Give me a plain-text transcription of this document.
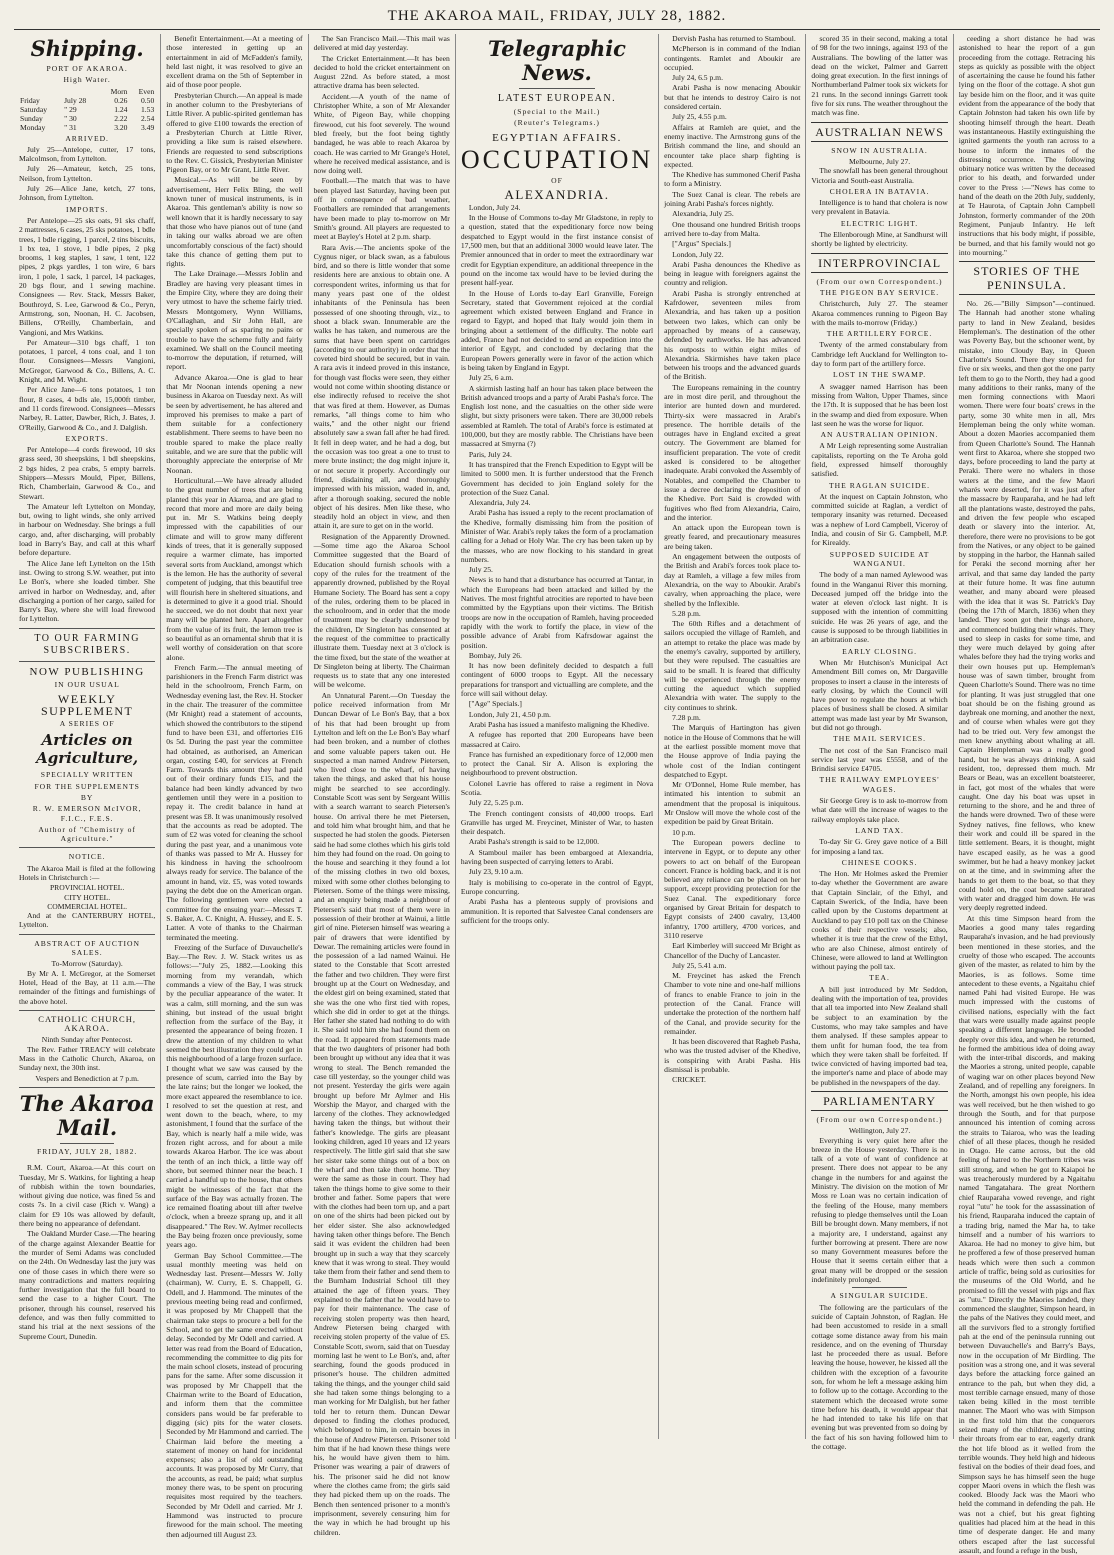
THE AKAROA MAIL, FRIDAY, JULY 28, 1882.
Shipping.
PORT OF AKAROA.
High Water.
		Morn	Even
Friday	July 28	0.26	0.50
Saturday	" 29	1.24	1.53
Sunday	" 30	2.22	2.54
Monday	" 31	3.20	3.49
ARRIVED.

July 25—Antelope, cutter, 17 tons, Malcolmson, from Lyttelton.

July 26—Amateur, ketch, 25 tons, Neilson, from Lyttelton.

July 26—Alice Jane, ketch, 27 tons, Johnson, from Lyttelton.

IMPORTS.

Per Antelope—25 sks oats, 91 sks chaff, 2 mattresses, 6 cases, 25 sks potatoes, 1 bdle trees, 1 bdle rigging, 1 parcel, 2 tins biscuits, 1 bx tea, 1 stove, 1 bdle pipes, 2 pkg brooms, 1 keg staples, 1 saw, 1 tent, 122 pipes, 2 pkgs yardles, 1 ton wire, 6 bars iron, 1 pole, 1 sack, 1 parcel, 14 packages, 20 bgs flour, and 1 sewing machine. Consignees — Rev. Stack, Messrs Baker, Bouthroyd, S. Lee, Garwood & Co., Peryn, Armstrong, son, Noonan, H. C. Jacobsen, Billens, O'Reilly, Chamberlain, and Vangioni, and Mrs Watkins.

Per Amateur—310 bgs chaff, 1 ton potatoes, 1 parcel, 4 tons coal, and 1 ton flour. Consignees—Messrs Vangioni, McGregor, Garwood & Co., Billens, A. C. Knight, and M. Wight.

Per Alice Jane—6 tons potatoes, 1 ton flour, 8 cases, 4 bdls ale, 15,000ft timber, and 11 cords firewood. Consignees—Messrs Narbey, R. Latter, Dawber, Rich, J. Bates, J. O'Reilly, Garwood & Co., and J. Dalglish.

EXPORTS.

Per Antelope—4 cords firewood, 10 sks grass seed, 30 sheepskins, 1 bdl sheepskins, 2 bgs hides, 2 pea crabs, 5 empty barrels. Shippers—Messrs Mould, Piper, Billens, Rich, Chamberlain, Garwood & Co., and Stewart.

The Amateur left Lyttelton on Monday, but, owing to light winds, she only arrived in harbour on Wednesday. She brings a full cargo, and, after discharging, will probably load in Barry's Bay, and call at this wharf before departure.

The Alice Jane left Lyttelton on the 15th inst. Owing to strong S.W. weather, put into Le Bon's, where she loaded timber. She arrived in harbor on Wednesday, and, after discharging a portion of her cargo, sailed for Barry's Bay, where she will load firewood for Lyttelton.

TO OUR FARMING SUBSCRIBERS.
NOW PUBLISHING
IN OUR USUAL
WEEKLY SUPPLEMENT
A SERIES OF
Articles on Agriculture,
SPECIALLY WRITTEN
FOR THE SUPPLEMENTS
BY
R. W. EMERSON McIVOR, F.I.C., F.E.S.
Author of "Chemistry of Agriculture."
NOTICE.

The Akaroa Mail is filed at the following Hotels in Christchurch :—

PROVINCIAL HOTEL.
CITY HOTEL.
COMMERCIAL HOTEL.

And at the CANTERBURY HOTEL, Lyttelton.

ABSTRACT OF AUCTION SALES.
To-Morrow (Saturday).

By Mr A. I. McGregor, at the Somerset Hotel, Head of the Bay, at 11 a.m.—The remainder of the fittings and furnishings of the above hotel.

CATHOLIC CHURCH, AKAROA.
Ninth Sunday after Pentecost.

The Rev. Father TREACY will celebrate Mass in the Catholic Church, Akaroa, on Sunday next, the 30th inst.

Vespers and Benediction at 7 p.m.
The Akaroa Mail.
FRIDAY, JULY 28, 1882.

R.M. Court, Akaroa.—At this court on Tuesday, Mr S. Watkins, for lighting a heap of rubbish within the town boundaries, without giving due notice, was fined 5s and costs 7s. In a civil case (Rich v. Wang) a claim for £9 10s was allowed by default, there being no appearance of defendant.

The Oakland Murder Case.—The hearing of the charge against Alexander Beattie for the murder of Semi Adams was concluded on the 24th. On Wednesday last the jury was one of those cases in which there were so many contradictions and matters requiring further investigation that the full board to send the case to a higher Court. The prisoner, through his counsel, reserved his defence, and was then fully committed to stand his trial at the next sessions of the Supreme Court, Dunedin.

Benefit Entertainment.—At a meeting of those interested in getting up an entertainment in aid of McFadden's family, held last night, it was resolved to give an excellent drama on the 5th of September in aid of those poor people.

Presbyterian Church.—An appeal is made in another column to the Presbyterians of Little River. A public-spirited gentleman has offered to give £100 towards the erection of a Presbyterian Church at Little River, providing a like sum is raised elsewhere. Friends are requested to send subscriptions to the Rev. C. Gissick, Presbyterian Minister Pigeon Bay, or to Mr Grant, Little River.

Musical.—As will be seen by advertisement, Herr Felix Bling, the well known tuner of musical instruments, is in Akaroa. This gentleman's ability is now so well known that it is hardly necessary to say that those who have pianos out of tune (and in taking our walks abroad we are often uncomfortably conscious of the fact) should take this chance of getting them put to rights.

The Lake Drainage.—Messrs Joblin and Bradley are having very pleasant times in the Empire City, where they are doing their very utmost to have the scheme fairly tried. Messrs Montgomery, Wynn Williams, O'Callaghan, and Sir John Hall, are specially spoken of as sparing no pains or trouble to have the scheme fully and fairly examined. We shall on the Council meeting to-morrow the deputation, if returned, will report.

Advance Akaroa.—One is glad to hear that Mr Noonan intends opening a new business in Akaroa on Tuesday next. As will be seen by advertisement, he has altered and improved his premises to make a part of them suitable for a confectionery establishment. There seems to have been no trouble spared to make the place really suitable, and we are sure that the public will thoroughly appreciate the enterprise of Mr Noonan.

Horticultural.—We have already alluded to the great number of trees that are being planted this year in Akaroa, and are glad to record that more and more are daily being put in. Mr S. Watkins being deeply impressed with the capabilities of our climate and will to grow many different kinds of trees, that it is generally supposed require a warmer climate, has imported several sorts from Auckland, amongst which is the lemon. He has the authority of several competent of judging, that this beautiful tree will flourish here in sheltered situations, and is determined to give it a good trial. Should he succeed, we do not doubt that next year many will be planted here. Apart altogether from the value of its fruit, the lemon tree is so beautiful as an ornamental shrub that it is well worthy of consideration on that score alone.

French Farm.—The annual meeting of parishioners in the French Farm district was held in the schoolroom, French Farm, on Wednesday evening last, the Rev. H. Stocker in the chair. The treasurer of the committee (Mr Knight) read a statement of accounts, which showed the contributors to the stipend fund to have been £31, and offertories £16 0s 5d. During the past year the committee had obtained, as authorised, an American organ, costing £40, for services at French Farm. Towards this amount they had paid out of their ordinary funds £15, and the balance had been kindly advanced by two gentlemen until they were in a position to repay it. The credit balance in hand at present was £8. It was unanimously resolved that the accounts as read be adopted. The sum of £2 was voted for cleaning the school during the past year, and a unanimous vote of thanks was passed to Mr A. Hussey for his kindness in having the schoolroom always ready for service. The balance of the amount in hand, viz. £5, was voted towards paying the debt due on the American organ. The following gentlemen were elected a committee for the ensuing year:—Messrs T. S. Baker, A. C. Knight, A. Hussey, and E. S. Latter. A vote of thanks to the Chairman terminated the meeting.

Freezing of the Surface of Duvauchelle's Bay.—The Rev. J. W. Stack writes us as follows:—"July 25, 1882.—Looking this morning from my verandah, which commands a view of the Bay, I was struck by the peculiar appearance of the water. It was a calm, still morning, and the sun was shining, but instead of the usual bright reflection from the surface of the Bay, it presented the appearance of being frozen. I drew the attention of my children to what seemed the best illustration they could get in this neighbourhood of a large frozen surface. I thought what we saw was caused by the presence of scum, carried into the Bay by the late rains; but the longer we looked, the more exact appeared the resemblance to ice. I resolved to set the question at rest, and went down to the beach, where, to my astonishment, I found that the surface of the Bay, which is nearly half a mile wide, was frozen right across, and for about a mile towards Akaroa Harbor. The ice was about the tenth of an inch thick, a little way off shore, but seemed thinner near the beach. I carried a handful up to the house, that others might be witnesses of the fact that the surface of the Bay was actually frozen. The ice remained floating about till after twelve o'clock, when a breeze sprang up, and it all disappeared." The Rev. W. Aylmer recollects the Bay being frozen once previously, some years ago.

German Bay School Committee.—The usual monthly meeting was held on Wednesday last. Present—Messrs W. Jolly (chairman), W. Curry, E. S. Chappell, G. Odell, and J. Hammond. The minutes of the previous meeting being read and confirmed, it was proposed by Mr Chappell that the chairman take steps to procure a bell for the School, and to get the same erected without delay. Seconded by Mr Odell and carried. A letter was read from the Board of Education, recommending the committee to dig pits for the main school closets, instead of procuring pans for the same. After some discussion it was proposed by Mr Chappell that the Chairman write to the Board of Education, and inform them that the committee considers pans would be far preferable to digging (sic) pits for the water closets. Seconded by Mr Hammond and carried. The Chairman laid before the meeting a statement of money on hand for incidental expenses; also a list of old outstanding accounts. It was proposed by Mr Curry, that the accounts, as read, be paid; what surplus money there was, to be spent on procuring requisites most required by the teachers. Seconded by Mr Odell and carried. Mr J. Hammond was instructed to procure firewood for the main school. The meeting then adjourned till August 23.

The San Francisco Mail.—This mail was delivered at mid day yesterday.

The Cricket Entertainment.—It has been decided to hold the cricket entertainment on August 22nd. As before stated, a most attractive drama has been selected.

Accident.—A youth of the name of Christopher White, a son of Mr Alexander White, of Pigeon Bay, while chopping firewood, cut his foot severely. The wound bled freely, but the foot being tightly bandaged, he was able to reach Akaroa by coach. He was carried to Mr Grange's Hotel, where he received medical assistance, and is now doing well.

Football.—The match that was to have been played last Saturday, having been put off in consequence of bad weather, Footballers are reminded that arrangements have been made to play to-morrow on Mr Smith's ground. All players are requested to meet at Bayley's Hotel at 2 p.m. sharp.

Rara Avis.—The ancients spoke of the Cygnus niger, or black swan, as a fabulous bird, and so there is little wonder that some residents here are anxious to obtain one. A correspondent writes, informing us that for many years past one of the oldest inhabitants of the Peninsula has been possessed of one shooting through, viz., to shoot a black swan. Innumerable are the walks he has taken, and numerous are the sums that have been spent on cartridges (according to our authority) in order that the coveted bird should be secured, but in vain. A rara avis it indeed proved in this instance, for though vast flocks were seen, they either would not come within shooting distance or else indirectly refused to receive the shot that was fired at them. However, as Dumas remarks, "all things come to him who waits," and the other night our friend absolutely saw a swan fall after he had fired. It fell in deep water, and he had a dog, but the occasion was too great a one to trust to mere brute instinct; the dog might injure it, or not secure it properly. Accordingly our friend, disdaining all, and thoroughly impressed with his mission, waded in, and, after a thorough soaking, secured the noble object of his desires. Men like these, who steadily hold an object in view, and then attain it, are sure to get on in the world.

Resignation of the Apparently Drowned.—Some time ago the Akaroa School Committee suggested that the Board of Education should furnish schools with a copy of the rules for the treatment of the apparently drowned, published by the Royal Humane Society. The Board has sent a copy of the rules, ordering them to be placed in the schoolroom, and in order that the mode of treatment may be clearly understood by the children, Dr Singleton has consented at the request of the committee to practically illustrate them. Tuesday next at 3 o'clock is the time fixed, but the state of the weather at Dr Singleton being at liberty. The Chairman requests us to state that any one interested will be welcome.

An Unnatural Parent.—On Tuesday the police received information from Mr Duncan Dewar of Le Bon's Bay, that a box of his that had been brought up from Lyttelton and left on the Le Bon's Bay wharf had been broken, and a number of clothes and some valuable papers taken out. He suspected a man named Andrew Pietersen, who lived close to the wharf, of having taken the things, and asked that his house might be searched to see accordingly. Constable Scott was sent by Sergeant Willis with a search warrant to search Pietersen's house. On arrival there he met Pietersen, and told him what brought him, and that he suspected he had stolen the goods. Pietersen said he had some clothes which his girls told him they had found on the road. On going to the house and searching it they found a lot of the missing clothes in two old boxes, mixed with some other clothes belonging to Pietersen. Some of the things were missing, and an enquiry being made a neighbour of Pietersen's said that most of them were in possession of their brother at Wainui, a little girl of nine. Pietersen himself was wearing a pair of drawers that were identified by Dewar. The remaining articles were found in the possession of a lad named Wainui. He stated to the Constable that Scott arrested the father and two children. They were first brought up at the Court on Wednesday, and the eldest girl on being examined, stated that she was the one who first tied with ropes, which she did in order to get at the things. Her father she stated had nothing to do with it. She said told him she had found them on the road. It appeared from statements made that the two daughters of prisoner had both been brought up without any idea that it was wrong to steal. The Bench remanded the case till yesterday, so the younger child was not present. Yesterday the girls were again brought up before Mr Aylmer and His Worship the Mayor, and charged with the larceny of the clothes. They acknowledged having taken the things, but without their father's knowledge. The girls are pleasant looking children, aged 10 years and 12 years respectively. The little girl said that she saw her sister take some things out of a box on the wharf and then take them home. They were the same as those in court. They had taken the things home to give some to their brother and father. Some papers that were with the clothes had been torn up, and a part on one of the shirts had been picked out by her elder sister. She also acknowledged having taken other things before. The Bench said it was evident the children had been brought up in such a way that they scarcely knew that it was wrong to steal. They would take them from their father and send them to the Burnham Industrial School till they attained the age of fifteen years. They explained to the father that he would have to pay for their maintenance. The case of receiving stolen property was then heard, Andrew Pietersen being charged with receiving stolen property of the value of £5. Constable Scott, sworn, said that on Tuesday morning last he went to Le Bon's, and, after searching, found the goods produced in prisoner's house. The children admitted taking the things, and the younger child said she had taken some things belonging to a man working for Mr Dalglish, but her father told her to return them. Duncan Dewar deposed to finding the clothes produced, which belonged to him, in certain boxes in the house of Andrew Pietersen. Prisoner told him that if he had known these things were his, he would have given them to him. Prisoner was wearing a pair of drawers of his. The prisoner said he did not know where the clothes came from; the girls said they had picked them up on the roads. The Bench then sentenced prisoner to a month's imprisonment, severely censuring him for the way in which he had brought up his children.

Telegraphic News.
LATEST EUROPEAN.
(Special to the Mail.)
(Reuter's Telegrams.)
EGYPTIAN AFFAIRS.
OCCUPATION
OF
ALEXANDRIA.

London, July 24.

In the House of Commons to-day Mr Gladstone, in reply to a question, stated that the expeditionary force now being despatched to Egypt would in the first instance consist of 17,500 men, but that an additional 3000 would leave later. The Premier announced that in order to meet the extraordinary war credit for Egyptian expenditure, an additional threepence in the pound on the income tax would have to be levied during the present half-year.

In the House of Lords to-day Earl Granville, Foreign Secretary, stated that Government rejoiced at the cordial agreement which existed between England and France in regard to Egypt, and hoped that Italy would join them in bringing about a settlement of the difficulty. The noble earl added, France had not decided to send an expedition into the interior of Egypt, and concluded by declaring that the European Powers generally were in favor of the action which is being taken by England in Egypt.

July 25, 6 a.m.

A skirmish lasting half an hour has taken place between the British advanced troops and a party of Arabi Pasha's force. The English lost none, and the casualties on the other side were slight, but sixty prisoners were taken. There are 30,000 rebels assembled at Ramleh. The total of Arabi's force is estimated at 100,000, but they are mostly rabble. The Christians have been massacred at Smyrna (?)

Paris, July 24.

It has transpired that the French Expedition to Egypt will be limited to 5000 men. It is further understood that the French Government has decided to join England solely for the protection of the Suez Canal.

Alexandria, July 24.

Arabi Pasha has issued a reply to the recent proclamation of the Khedive, formally dismissing him from the position of Minister of War. Arabi's reply takes the form of a proclamation calling for a Jehad or Holy War. The cry has been taken up by the masses, who are now flocking to his standard in great numbers.

July 25.

News is to hand that a disturbance has occurred at Tantar, in which the Europeans had been attacked and killed by the Natives. The most frightful atrocities are reported to have been committed by the Egyptians upon their victims. The British troops are now in the occupation of Ramleh, having proceeded rapidly with the work to fortify the place, in view of the possible advance of Arabi from Kafrsdowar against the position.

Bombay, July 26.

It has now been definitely decided to despatch a full contingent of 6000 troops to Egypt. All the necessary preparations for transport and victualling are complete, and the force will sail without delay.

["Age" Specials.]

London, July 21, 4.50 p.m.

Arabi Pasha has issued a manifesto maligning the Khedive.

A refugee has reported that 200 Europeans have been massacred at Cairo.

France has furnished an expeditionary force of 12,000 men to protect the Canal. Sir A. Alison is exploring the neighbourhood to prevent obstruction.

Colonel Lavrie has offered to raise a regiment in Nova Scotia.

July 22, 5.25 p.m.

The French contingent consists of 40,000 troops. Earl Granville has urged M. Freycinet, Minister of War, to hasten their despatch.

Arabi Pasha's strength is said to be 12,000.

A Stamboul mailer has been embargoed at Alexandria, having been suspected of carrying letters to Arabi.

July 23, 9.10 a.m.

Italy is mobilising to co-operate in the control of Egypt, Europe concurring.

Arabi Pasha has a plenteous supply of provisions and ammunition. It is reported that Salvestee Canal condensers are sufficient for the troops only.

Dervish Pasha has returned to Stamboul.

McPherson is in command of the Indian contingents. Ramlet and Aboukir are occupied.

July 24, 6.5 p.m.

Arabi Pasha is now menacing Aboukir but that he intends to destroy Cairo is not considered certain.

July 25, 4.55 p.m.

Affairs at Ramleh are quiet, and the enemy inactive. The Armstrong guns of the British command the line, and should an encounter take place sharp fighting is expected.

The Khedive has summoned Cherif Pasha to form a Ministry.

The Suez Canal is clear. The rebels are joining Arabi Pasha's forces nightly.

Alexandria, July 25.

One thousand one hundred British troops arrived here to-day from Malta.

["Argus" Specials.]

London, July 22.

Arabi Pasha denounces the Khedive as being in league with foreigners against the country and religion.

Arabi Pasha is strongly entrenched at Kafrdower, seventeen miles from Alexandria, and has taken up a position between two lakes, which can only be approached by means of a causeway, defended by earthworks. He has advanced his outposts to within eight miles of Alexandria. Skirmishes have taken place between his troops and the advanced guards of the British.

The Europeans remaining in the country are in most dire peril, and throughout the interior are hunted down and murdered. Thirty-six were massacred in Arabi's presence. The horrible details of the outrages have in England excited a great outcry. The Government are blamed for insufficient preparation. The vote of credit asked is considered to be altogether inadequate. Arabi convoked the Assembly of Notables, and compelled the Chamber to issue a decree declaring the deposition of the Khedive. Port Said is crowded with fugitives who fled from Alexandria, Cairo, and the interior.

An attack upon the European town is greatly feared, and precautionary measures are being taken.

An engagement between the outposts of the British and Arabi's forces took place to-day at Ramleh, a village a few miles from Alexandria, on the way to Aboukir. Arabi's cavalry, when approaching the place, were shelled by the Inflexible.

5.28 p.m.

The 60th Rifles and a detachment of sailors occupied the village of Ramleh, and an attempt to retake the place was made by the enemy's cavalry, supported by artillery, but they were repulsed. The casualties are said to be small. It is feared that difficulty will be experienced through the enemy cutting the aqueduct which supplied Alexandria with water. The supply to the city continues to shrink.

7.28 p.m.

The Marquis of Hartington has given notice in the House of Commons that he will at the earliest possible moment move that the House approve of India paying the whole cost of the Indian contingent despatched to Egypt.

Mr O'Donnel, Home Rule member, has intimated his intention to submit an amendment that the proposal is iniquitous. Mr Onslow will move the whole cost of the expedition be paid by Great Britain.

10 p.m.

The European powers decline to intervene in Egypt, or to depute any other powers to act on behalf of the European concert. France is holding back, and it is not believed any reliance can be placed on her support, except providing protection for the Suez Canal. The expeditionary force organised by Great Britain for despatch to Egypt consists of 2400 cavalry, 13,400 infantry, 1700 artillery, 4700 vorices, and 3110 reserve

Earl Kimberley will succeed Mr Bright as Chancellor of the Duchy of Lancaster.

July 25, 5.41 a.m.

M. Freycinet has asked the French Chamber to vote nine and one-half millions of francs to enable France to join in the protection of the Canal. France will undertake the protection of the northern half of the Canal, and provide security for the remainder.

It has been discovered that Ragheb Pasha, who was the trusted adviser of the Khedive, is conspiring with Arabi Pasha. His dismissal is probable.

CRICKET.

scored 35 in their second, making a total of 98 for the two innings, against 193 of the Australians. The bowling of the latter was dead on the wicket, Palmer and Garrett doing great execution. In the first innings of Northumberland Palmer took six wickets for 21 runs. In the second innings Garrett took five for six runs. The weather throughout the match was fine.

AUSTRALIAN NEWS
SNOW IN AUSTRALIA.
Melbourne, July 27.

The snowfall has been general throughout Victoria and South-east Australia.

CHOLERA IN BATAVIA.

Intelligence is to hand that cholera is now very prevalent in Batavia.

ELECTRIC LIGHT.

The Ellenborough Mine, at Sandhurst will shortly be lighted by electricity.

INTERPROVINCIAL
(From our own Correspondent.)
THE PIGEON BAY SERVICE.

Christchurch, July 27. The steamer Akaroa commences running to Pigeon Bay with the mails to-morrow (Friday.)

THE ARTILLERY FORCE.

Twenty of the armed constabulary from Cambridge left Auckland for Wellington to-day to form part of the artillery force.

LOST IN THE SWAMP.

A swagger named Harrison has been missing from Walton, Upper Thames, since the 17th. It is supposed that he has been lost in the swamp and died from exposure. When last seen he was the worse for liquor.

AN AUSTRALIAN OPINION.

A Mr Leigh representing some Australian capitalists, reporting on the Te Aroha gold field, expressed himself thoroughly satisfied.

THE RAGLAN SUICIDE.

At the inquest on Captain Johnston, who committed suicide at Raglan, a verdict of temporary insanity was returned. Deceased was a nephew of Lord Campbell, Viceroy of India, and cousin of Sir G. Campbell, M.P. for Kirealdy.

SUPPOSED SUICIDE AT WANGANUI.

The body of a man named Aylewood was found in the Wanganui River this morning. Deceased jumped off the bridge into the water at eleven o'clock last night. It is supposed with the intention of committing suicide. He was 26 years of age, and the cause is supposed to be through liabilities in an arbitration case.

EARLY CLOSING.

When Mr Hutchison's Municipal Act Amendment Bill comes on, Mr Dargaville proposes to insert a clause in the interests of early closing, by which the Council will have power to regulate the hours at which places of business shall be closed. A similar attempt was made last year by Mr Swanson, but did not go through.

THE MAIL SERVICES.

The net cost of the San Francisco mail service last year was £5558, and of the Brindisi service £4705.

THE RAILWAY EMPLOYEES' WAGES.

Sir George Grey is to ask to-morrow from what date will the increase of wages to the railway employés take place.

LAND TAX.

To-day Sir G. Grey gave notice of a Bill for imposing a land tax.

CHINESE COOKS.

The Hon. Mr Holmes asked the Premier to-day whether the Government are aware that Captain Sinclair, of the Ethyl, and Captain Swerick, of the India, have been called upon by the Customs department at Auckland to pay £10 poll tax on the Chinese cooks of their respective vessels; also, whether it is true that the crew of the Ethyl, who are also Chinese, almost entirely of Chinese, were allowed to land at Wellington without paying the poll tax.

TEA.

A bill just introduced by Mr Seddon, dealing with the importation of tea, provides that all tea imported into New Zealand shall be subject to an examination by the Customs, who may take samples and have them analysed. If these samples appear to them unfit for human food, the tea from which they were taken shall be forfeited. If twice convicted of having imported bad tea, the importer's name and place of abode may be published in the newspapers of the day.

PARLIAMENTARY
(From our own Correspondent.)
Wellington, July 27.

Everything is very quiet here after the breeze in the House yesterday. There is no talk of a vote of want of confidence at present. There does not appear to be any change in the numbers for and against the Ministry. The division on the motion of Mr Moss re Loan was no certain indication of the feeling of the House, many members refusing to pledge themselves until the Loan Bill be brought down. Many members, if not a majority are, I understand, against any further borrowing at present. There are now so many Government measures before the House that it seems certain either that a great many will be dropped or the session indefinitely prolonged.

A SINGULAR SUICIDE.

The following are the particulars of the suicide of Captain Johnston, of Raglan. He had been accustomed to reside in a small cottage some distance away from his main residence, and on the evening of Thursday last he proceeded there as usual. Before leaving the house, however, he kissed all the children with the exception of a favourite son, for whom he left a message asking him to follow up to the cottage. According to the statement which the deceased wrote some time before his death, it would appear that he had intended to take his life on that evening but was prevented from so doing by the fact of his son having followed him to the cottage.

ceeding a short distance he had was astonished to hear the report of a gun proceeding from the cottage. Retracing his steps as quickly as possible with the object of ascertaining the cause he found his father lying on the floor of the cottage. A shot gun lay beside him on the floor, and it was quite evident from the appearance of the body that Captain Johnston had taken his own life by shooting himself through the heart. Death was instantaneous. Hastily extinguishing the ignited garments the youth ran across to a house to inform the inmates of the distressing occurrence. The following obituary notice was written by the deceased prior to his death, and forwarded under cover to the Press :—"News has come to hand of the death on the 20th July, suddenly, at Te Haurota, of Captain John Campbell Johnston, formerly commander of the 20th Regiment, Punjaub Infantry. He left instructions that his body might, if possible, be burned, and that his family would not go into mourning."

STORIES OF THE PENINSULA.

No. 26.—"Billy Simpson"—continued. The Hannah had another stone whaling party to land in New Zealand, besides Hempleman's. The destination of the other was Poverty Bay, but the schooner went, by mistake, into Cloudy Bay, in Queen Charlotte's Sound. There they stopped for five or six weeks, and then got the one party left them to go to the North, they had a good many additions to their ranks, many of the men forming connections with Maori women. There were four boats' crews in the party, some 30 white men in all, Mrs Hempleman being the only white woman. About a dozen Maories accompanied them from Queen Charlotte's Sound. The Hannah went first to Akaroa, where she stopped two days, before proceeding to land the party at Peraki. There were no whalers in those waters at the time, and the few Maori wharés were deserted, for it was just after the massacre by Rauparaha, and he had left all the plantations waste, destroyed the pahs, and driven the few people who escaped death or slavery into the interior. At, therefore, there were no provisions to be got from the Natives, or any object to be gained by stopping in the harbor, the Hannah sailed for Peraki the second morning after her arrival, and that same day landed the party at their future home. It was fine autumn weather, and many aboard were pleased with the idea that it was St. Patrick's Day (being the 17th of March, 1836) when they landed. They soon got their things ashore, and commenced building their wharés. They used to sleep in casks for some time, and they were much delayed by going after whales before they had the trying works and their own houses put up. Hempleman's house was of sawn timber, brought from Queen Charlotte's Sound. There was no time for planting. It was just struggled that one boat should be on the fishing ground as daybreak one morning, and another the next, and of course when whales were got they had to be tried out. Very few amongst the men knew anything about whaling at all. Captain Hempleman was a really good hand, but he was always drinking. A said resident, too, depressed them much. Mr Bears or Beau, was an excellent boatsteerer, in fact, got most of the whales that were caught. One day his boat was upset in returning to the shore, and he and three of the hands were drowned. Two of these were Sydney natives, fine fellows, who knew their work and could ill be spared in the little settlement. Bears, it is thought, might have escaped easily, as he was a good swimmer, but he had a heavy monkey jacket on at the time, and in swimming after the hands to get them to the boat, so that they could hold on, the coat became saturated with water and dragged him down. He was very deeply regretted indeed.

At this time Simpson heard from the Maories a good many tales regarding Rauparaha's invasion, and he had previously been mentioned in these stories, and the cruelty of those who escaped. The accounts given of the master, as related to him by the Maories, is as follows. Some time antecedent to these events, a Ngaitahu chief named Pahi had visited Europe. He was much impressed with the customs of civilised nations, especially with the fact that wars were usually made against people speaking a different language. He brooded deeply over this idea, and when he returned, he formed the ambitious idea of doing away with the inter-tribal discords, and making the Maories a strong, united people, capable of waging war on other places beyond New Zealand, and of repelling any foreigners. In the North, amongst his own people, his idea was well received, but he then wished to go through the South, and for that purpose announced his intention of coming across the straits to Taiaroa, who was the leading chief of all these places, though he resided in Otago. He came across, but the old feeling of hatred to the Northern tribes was still strong, and when he got to Kaiapoi he was treacherously murdered by a Ngaitahu named Tangatahara. The great Northern chief Rauparaha vowed revenge, and right royal "utu" he took for the assassination of his friend, Rauparaha induced the captain of a trading brig, named the Mar ha, to take himself and a number of his warriors to Akaroa. He had no money to give him, but he proffered a few of those preserved human heads which were then such a common article of traffic, being sold as curiosities for the museums of the Old World, and he promised to fill the vessel with pigs and flax as "utu." Directly the Maories landed, they commenced the slaughter, Simpson heard, in the pahs of the Natives they could meet, and all the survivors fled to a strongly fortified pah at the end of the peninsula running out between Duvauchelle's and Barry's Bays, now in the occupation of Mr Birdling. The position was a strong one, and it was several days before the attacking force gained an entrance to the pah, but when they did, a most terrible carnage ensued, many of those taken being killed in the most terrible manner. The Maori who was with Simpson in the first told him that the conquerors seized many of the children, and, cutting their throats from ear to ear, eagerly drank the hot life blood as it welled from the terrible wounds. They held high and hideous festival on the bodies of their dead foes, and Simpson says he has himself seen the huge copper Maori ovens in which the flesh was cooked. Bloody Jack was the Maori who held the command in defending the pah. He was not a chief, but his great fighting qualities had placed him at the head in this time of desperate danger. He and many others escaped after the last successful assault, and found a refuge in the bush,
